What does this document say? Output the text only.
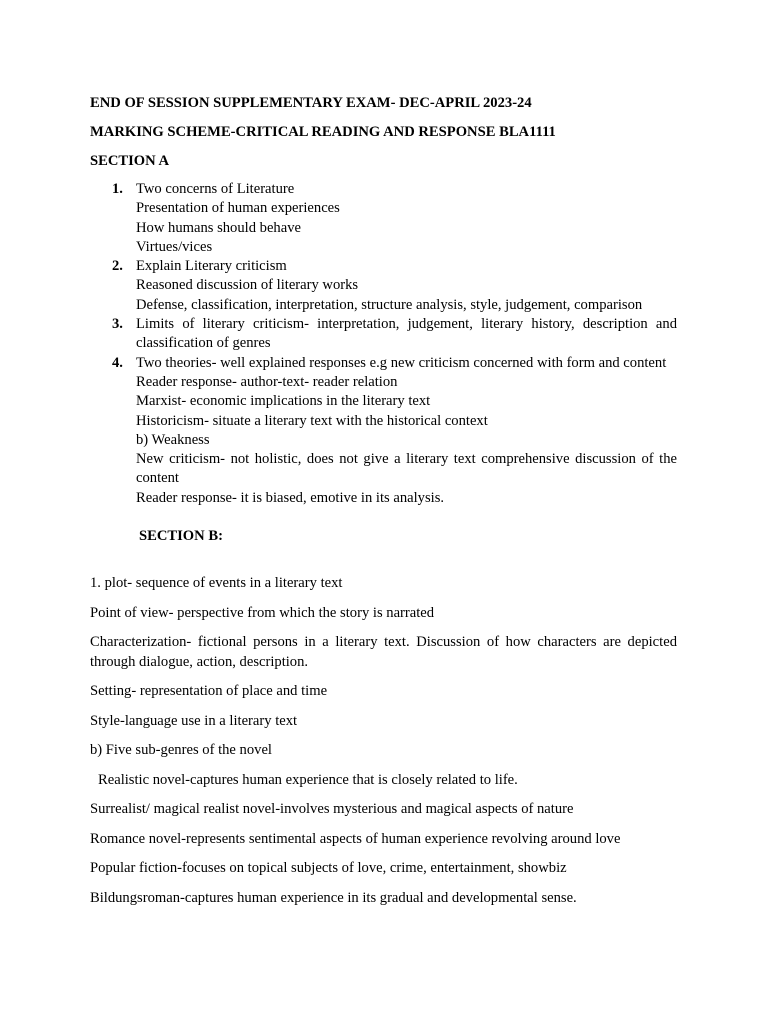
END OF SESSION SUPPLEMENTARY EXAM- DEC-APRIL 2023-24
MARKING SCHEME-CRITICAL READING AND RESPONSE BLA1111
SECTION A
1. Two concerns of Literature
Presentation of human experiences
How humans should behave
Virtues/vices
2. Explain Literary criticism
Reasoned discussion of literary works
Defense, classification, interpretation, structure analysis, style, judgement, comparison
3. Limits of literary criticism- interpretation, judgement, literary history, description and classification of genres
4. Two theories- well explained responses e.g new criticism concerned with form and content
Reader response- author-text- reader relation
Marxist- economic implications in the literary text
Historicism- situate a literary text with the historical context
b) Weakness
New criticism- not holistic, does not give a literary text comprehensive discussion of the content
Reader response- it is biased, emotive in its analysis.
SECTION B:

1. plot- sequence of events in a literary text

Point of view- perspective from which the story is narrated

Characterization- fictional persons in a literary text. Discussion of how characters are depicted through dialogue, action, description.

Setting- representation of place and time

Style-language use in a literary text

b) Five sub-genres of the novel

Realistic novel-captures human experience that is closely related to life.

Surrealist/ magical realist novel-involves mysterious and magical aspects of nature

Romance novel-represents sentimental aspects of human experience revolving around love

Popular fiction-focuses on topical subjects of love, crime, entertainment, showbiz

Bildungsroman-captures human experience in its gradual and developmental sense.
